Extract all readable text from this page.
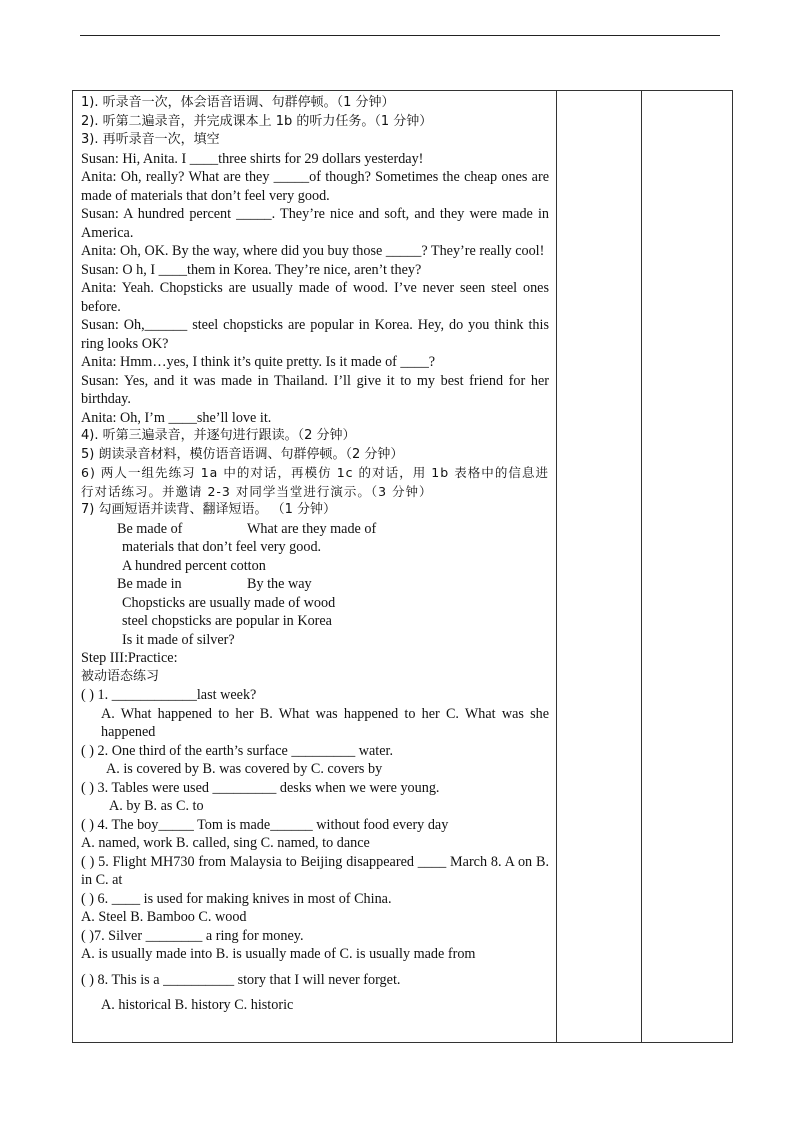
1). 听录音一次，体会语音语调、句群停顿。（1 分钟）

2). 听第二遍录音，并完成课本上 1b 的听力任务。（1 分钟）

3). 再听录音一次，填空

Susan: Hi, Anita. I ____three shirts for 29 dollars yesterday!

Anita: Oh, really? What are they _____of though? Sometimes the cheap ones are made of materials that don’t feel very good.

Susan: A hundred percent _____. They’re nice and soft, and they were made in America.

Anita: Oh, OK. By the way, where did you buy those _____? They’re really cool!

Susan: O h, I ____them in Korea. They’re nice, aren’t they?

Anita: Yeah. Chopsticks are usually made of wood. I’ve never seen steel ones before.

Susan: Oh,______ steel chopsticks are popular in Korea. Hey, do you think this ring looks OK?

Anita: Hmm…yes, I think it’s quite pretty. Is it made of ____?

Susan: Yes, and it was made in Thailand. I’ll give it to my best friend for her birthday.

Anita: Oh, I’m ____she’ll love it.

4). 听第三遍录音，并逐句进行跟读。（2 分钟）

5) 朗读录音材料，模仿语音语调、句群停顿。（2 分钟）

6) 两人一组先练习 1a 中的对话，再模仿 1c 的对话，用 1b 表格中的信息进行对话练习。并邀请 2-3 对同学当堂进行演示。（3 分钟）

7) 勾画短语并读背、翻译短语。 （1 分钟）

Be made of	What are they made of

materials that don’t feel very good.

A hundred percent cotton

Be made in	By the way

Chopsticks are usually made of wood

steel chopsticks are popular in Korea

Is it made of silver?

Step III:Practice:

被动语态练习

( ) 1. ____________last week?

A. What happened to her B. What was happened to her C. What was she happened

( ) 2. One third of the earth’s surface _________ water.

A. is covered by B. was covered by C. covers by

( ) 3. Tables were used _________ desks when we were young.

A. by B. as C. to

( ) 4. The boy_____ Tom is made______ without food every day

A. named, work B. called, sing C. named, to dance

( ) 5. Flight MH730 from Malaysia to Beijing disappeared ____ March 8. A on B. in C. at

( ) 6. ____ is used for making knives in most of China.

A. Steel B. Bamboo C. wood

( )7. Silver ________ a ring for money.

A. is usually made into B. is usually made of C. is usually made from

( ) 8. This is a __________ story that I will never forget.

A. historical B. history C. historic
